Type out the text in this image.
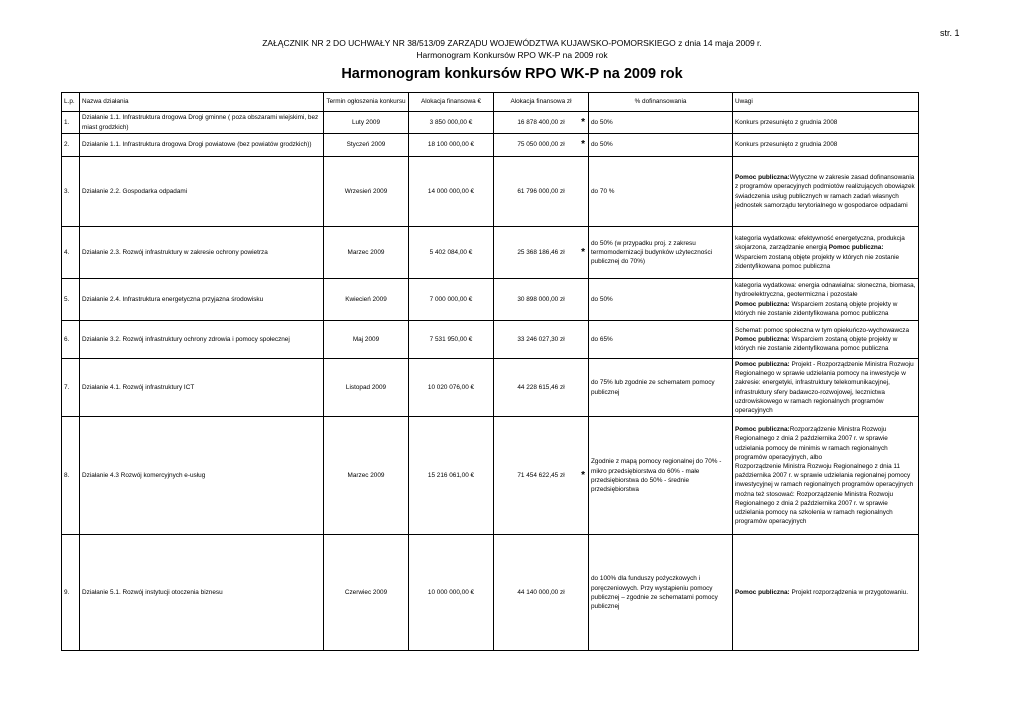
str. 1
ZAŁĄCZNIK NR 2 DO UCHWAŁY NR 38/513/09 ZARZĄDU WOJEWÓDZTWA KUJAWSKO-POMORSKIEGO z dnia 14 maja 2009 r.
Harmonogram Konkursów RPO WK-P na 2009 rok
Harmonogram konkursów RPO WK-P na 2009 rok
L.p.	Nazwa działania	Termin ogłoszenia konkursu	Alokacja finansowa €	Alokacja finansowa zł	% dofinansowania	Uwagi
1.	Działanie 1.1. Infrastruktura drogowa Drogi gminne ( poza obszarami wiejskimi, bez miast grodzkich)	Luty 2009	3 850 000,00 €	16 878 400,00 zł *	do 50%	Konkurs przesunięto z grudnia 2008

2.	Działanie 1.1. Infrastruktura drogowa Drogi powiatowe (bez powiatów grodzkich))	Styczeń 2009	18 100 000,00 €	75 050 000,00 zł *	do 50%	Konkurs przesunięto z grudnia 2008

3.	Działanie 2.2. Gospodarka odpadami	Wrzesień 2009	14 000 000,00 €	61 796 000,00 zł	do 70 %	Pomoc publiczna:Wytyczne w zakresie zasad dofinansowania z programów operacyjnych podmiotów realizujących obowiązek świadczenia usług publicznych w ramach zadań własnych jednostek samorządu terytorialnego w gospodarce odpadami

4.	Działanie 2.3. Rozwój infrastruktury w zakresie ochrony powietrza	Marzec 2009	5 402 084,00 €	25 368 186,46 zł *	do 50% (w przypadku proj. z zakresu termomodernizacji budynków użyteczności publicznej do 70%)	kategoria wydatkowa: efektywność energetyczna, produkcja skojarzona, zarządzanie energią Pomoc publiczna: Wsparciem zostaną objęte projekty w których nie zostanie zidentyfikowana pomoc publiczna

5.	Działanie 2.4. Infrastruktura energetyczna przyjazna środowisku	Kwiecień 2009	7 000 000,00 €	30 898 000,00 zł	do 50%	kategoria wydatkowa: energia odnawialna: słoneczna, biomasa, hydroelektryczna, geotermiczna i pozostałe
Pomoc publiczna: Wsparciem zostaną objęte projekty w których nie zostanie zidentyfikowana pomoc publiczna

6.	Działanie 3.2. Rozwój infrastruktury ochrony zdrowia i pomocy społecznej	Maj 2009	7 531 950,00 €	33 246 027,30 zł	do 65%	Schemat: pomoc społeczna w tym opiekuńczo-wychowawcza Pomoc publiczna: Wsparciem zostaną objęte projekty w których nie zostanie zidentyfikowana pomoc publiczna

7.	Działanie 4.1. Rozwój infrastruktury ICT	Listopad 2009	10 020 076,00 €	44 228 615,46 zł	do 75% lub zgodnie ze schematem pomocy publicznej	Pomoc publiczna: Projekt - Rozporządzenie Ministra Rozwoju Regionalnego w sprawie udzielania pomocy na inwestycje w zakresie: energetyki, infrastruktury telekomunikacyjnej, infrastruktury sfery badawczo-rozwojowej, lecznictwa uzdrowiskowego w ramach regionalnych programów operacyjnych

8.	Działanie 4.3 Rozwój komercyjnych e-usług	Marzec 2009	15 216 061,00 €	71 454 622,45 zł *	Zgodnie z mapą pomocy regionalnej do 70% - mikro przedsiębiorstwa do 60% - małe przedsiębiorstwa do 50% - średnie przedsiębiorstwa	Pomoc publiczna:Rozporządzenie Ministra Rozwoju Regionalnego z dnia 2 października 2007 r. w sprawie udzielania pomocy de minimis w ramach regionalnych programów operacyjnych, albo
Rozporządzenie Ministra Rozwoju Regionalnego z dnia 11 października 2007 r. w sprawie udzielania regionalnej pomocy inwestycyjnej w ramach regionalnych programów operacyjnych
można też stosować: Rozporządzenie Ministra Rozwoju Regionalnego z dnia 2 października 2007 r. w sprawie udzielania pomocy na szkolenia w ramach regionalnych programów operacyjnych

9.	Działanie 5.1. Rozwój instytucji otoczenia biznesu	Czerwiec 2009	10 000 000,00 €	44 140 000,00 zł	do 100% dla funduszy pożyczkowych i poręczeniowych. Przy wystąpieniu pomocy publicznej – zgodnie ze schematami pomocy publicznej	Pomoc publiczna: Projekt rozporządzenia w przygotowaniu.
